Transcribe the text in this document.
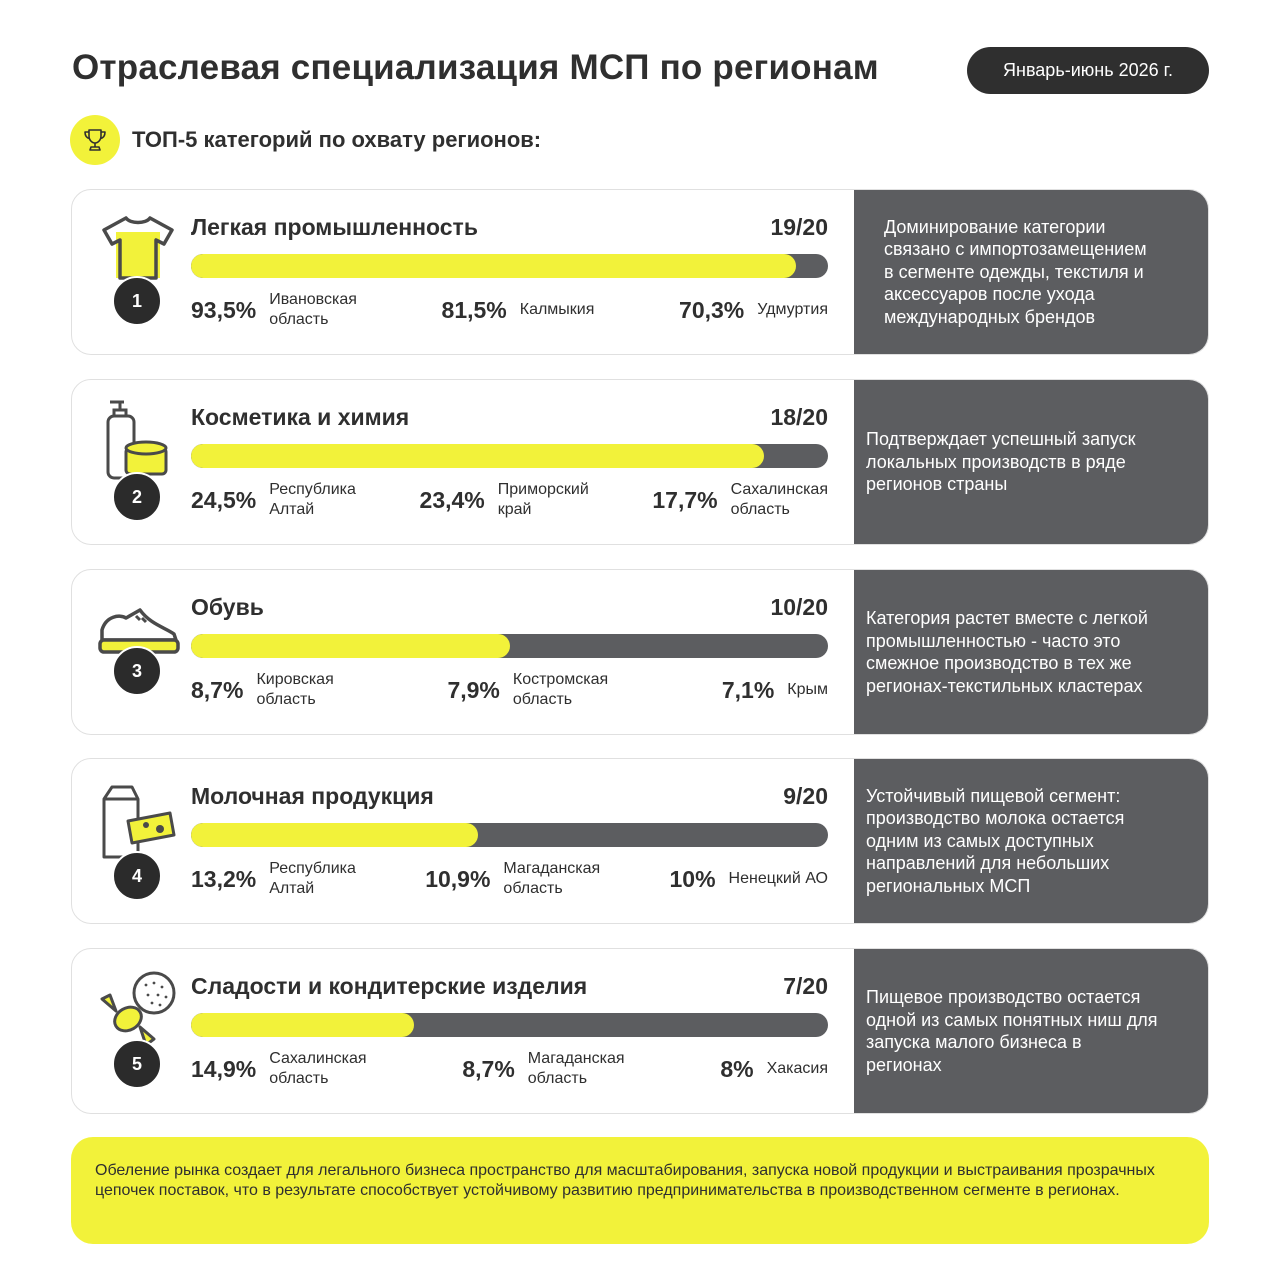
Отраслевая специализация МСП по регионам	Январь-июнь 2026 г.
ТОП-5 категорий по охвату регионов:
1
Легкая промышленность	19/20
93,5% Ивановская
область	81,5% Калмыкия	70,3% Удмуртия
Доминирование категории
связано с импортозамещением
в сегменте одежды, текстиля и
аксессуаров после ухода
международных брендов
2
Косметика и химия	18/20
24,5% Республика
Алтай	23,4% Приморский
край	17,7% Сахалинская
область
Подтверждает успешный запуск
локальных производств в ряде
регионов страны
3
Обувь	10/20
8,7% Кировская
область	7,9% Костромская
область	7,1% Крым
Категория растет вместе с легкой
промышленностью - часто это
смежное производство в тех же
регионах-текстильных кластерах
4
Молочная продукция	9/20
13,2% Республика
Алтай	10,9% Магаданская
область	10% Ненецкий АО
Устойчивый пищевой сегмент:
производство молока остается
одним из самых доступных
направлений для небольших
региональных МСП
5
Сладости и кондитерские изделия	7/20
14,9% Сахалинская
область	8,7% Магаданская
область	8% Хакасия
Пищевое производство остается
одной из самых понятных ниш для
запуска малого бизнеса в
регионах
Обеление рынка создает для легального бизнеса пространство для масштабирования, запуска новой продукции и выстраивания прозрачных цепочек поставок, что в результате способствует устойчивому развитию предпринимательства в производственном сегменте в регионах.
